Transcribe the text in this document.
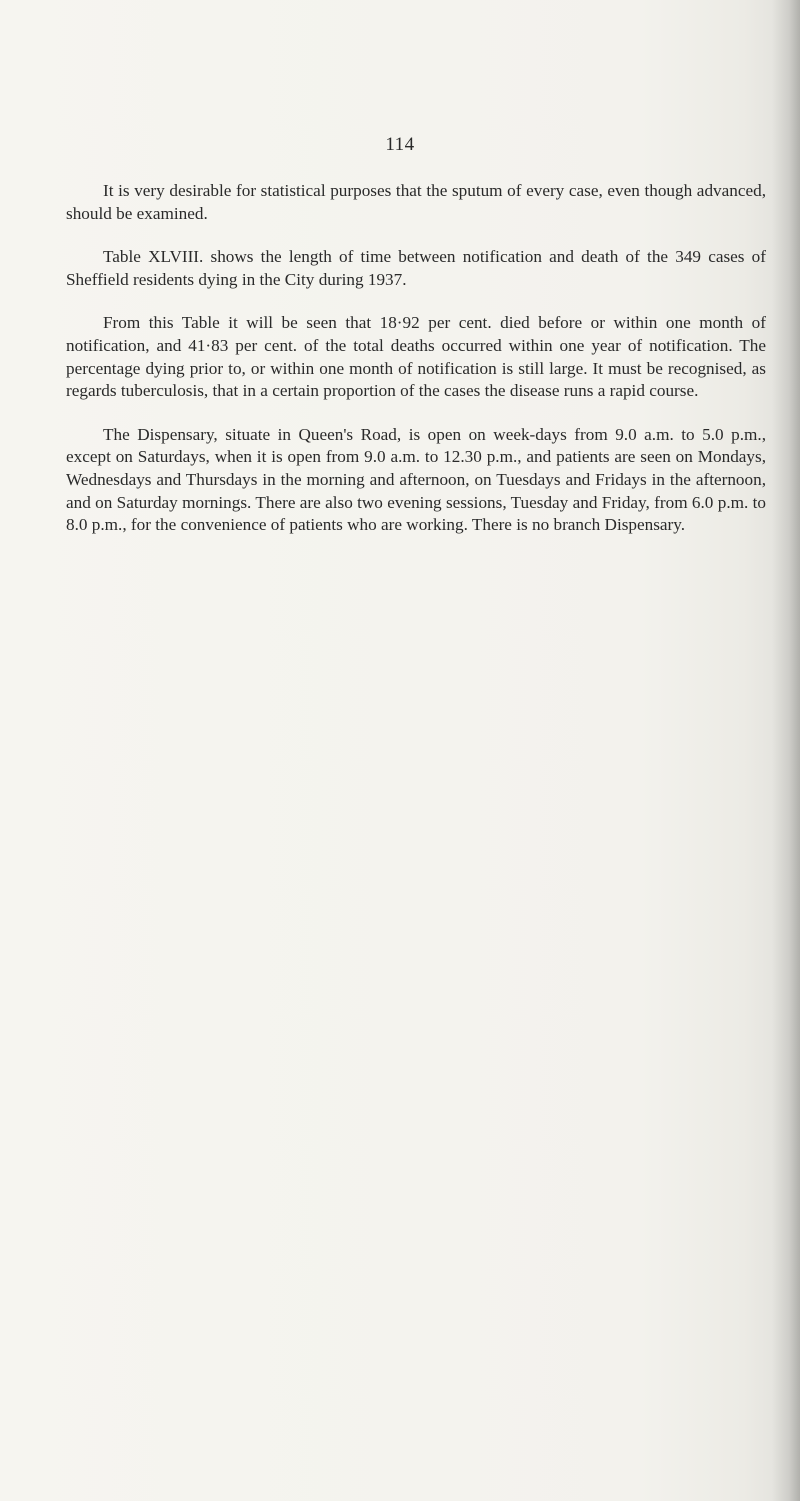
114

It is very desirable for statistical purposes that the sputum of every case, even though advanced, should be examined.

Table XLVIII. shows the length of time between notification and death of the 349 cases of Sheffield residents dying in the City during 1937.

From this Table it will be seen that 18·92 per cent. died before or within one month of notification, and 41·83 per cent. of the total deaths occurred within one year of notification. The percentage dying prior to, or within one month of notification is still large. It must be recognised, as regards tuberculosis, that in a certain proportion of the cases the disease runs a rapid course.

The Dispensary, situate in Queen's Road, is open on week-days from 9.0 a.m. to 5.0 p.m., except on Saturdays, when it is open from 9.0 a.m. to 12.30 p.m., and patients are seen on Mondays, Wednesdays and Thursdays in the morning and afternoon, on Tuesdays and Fridays in the afternoon, and on Saturday mornings. There are also two evening sessions, Tuesday and Friday, from 6.0 p.m. to 8.0 p.m., for the convenience of patients who are working. There is no branch Dispensary.
